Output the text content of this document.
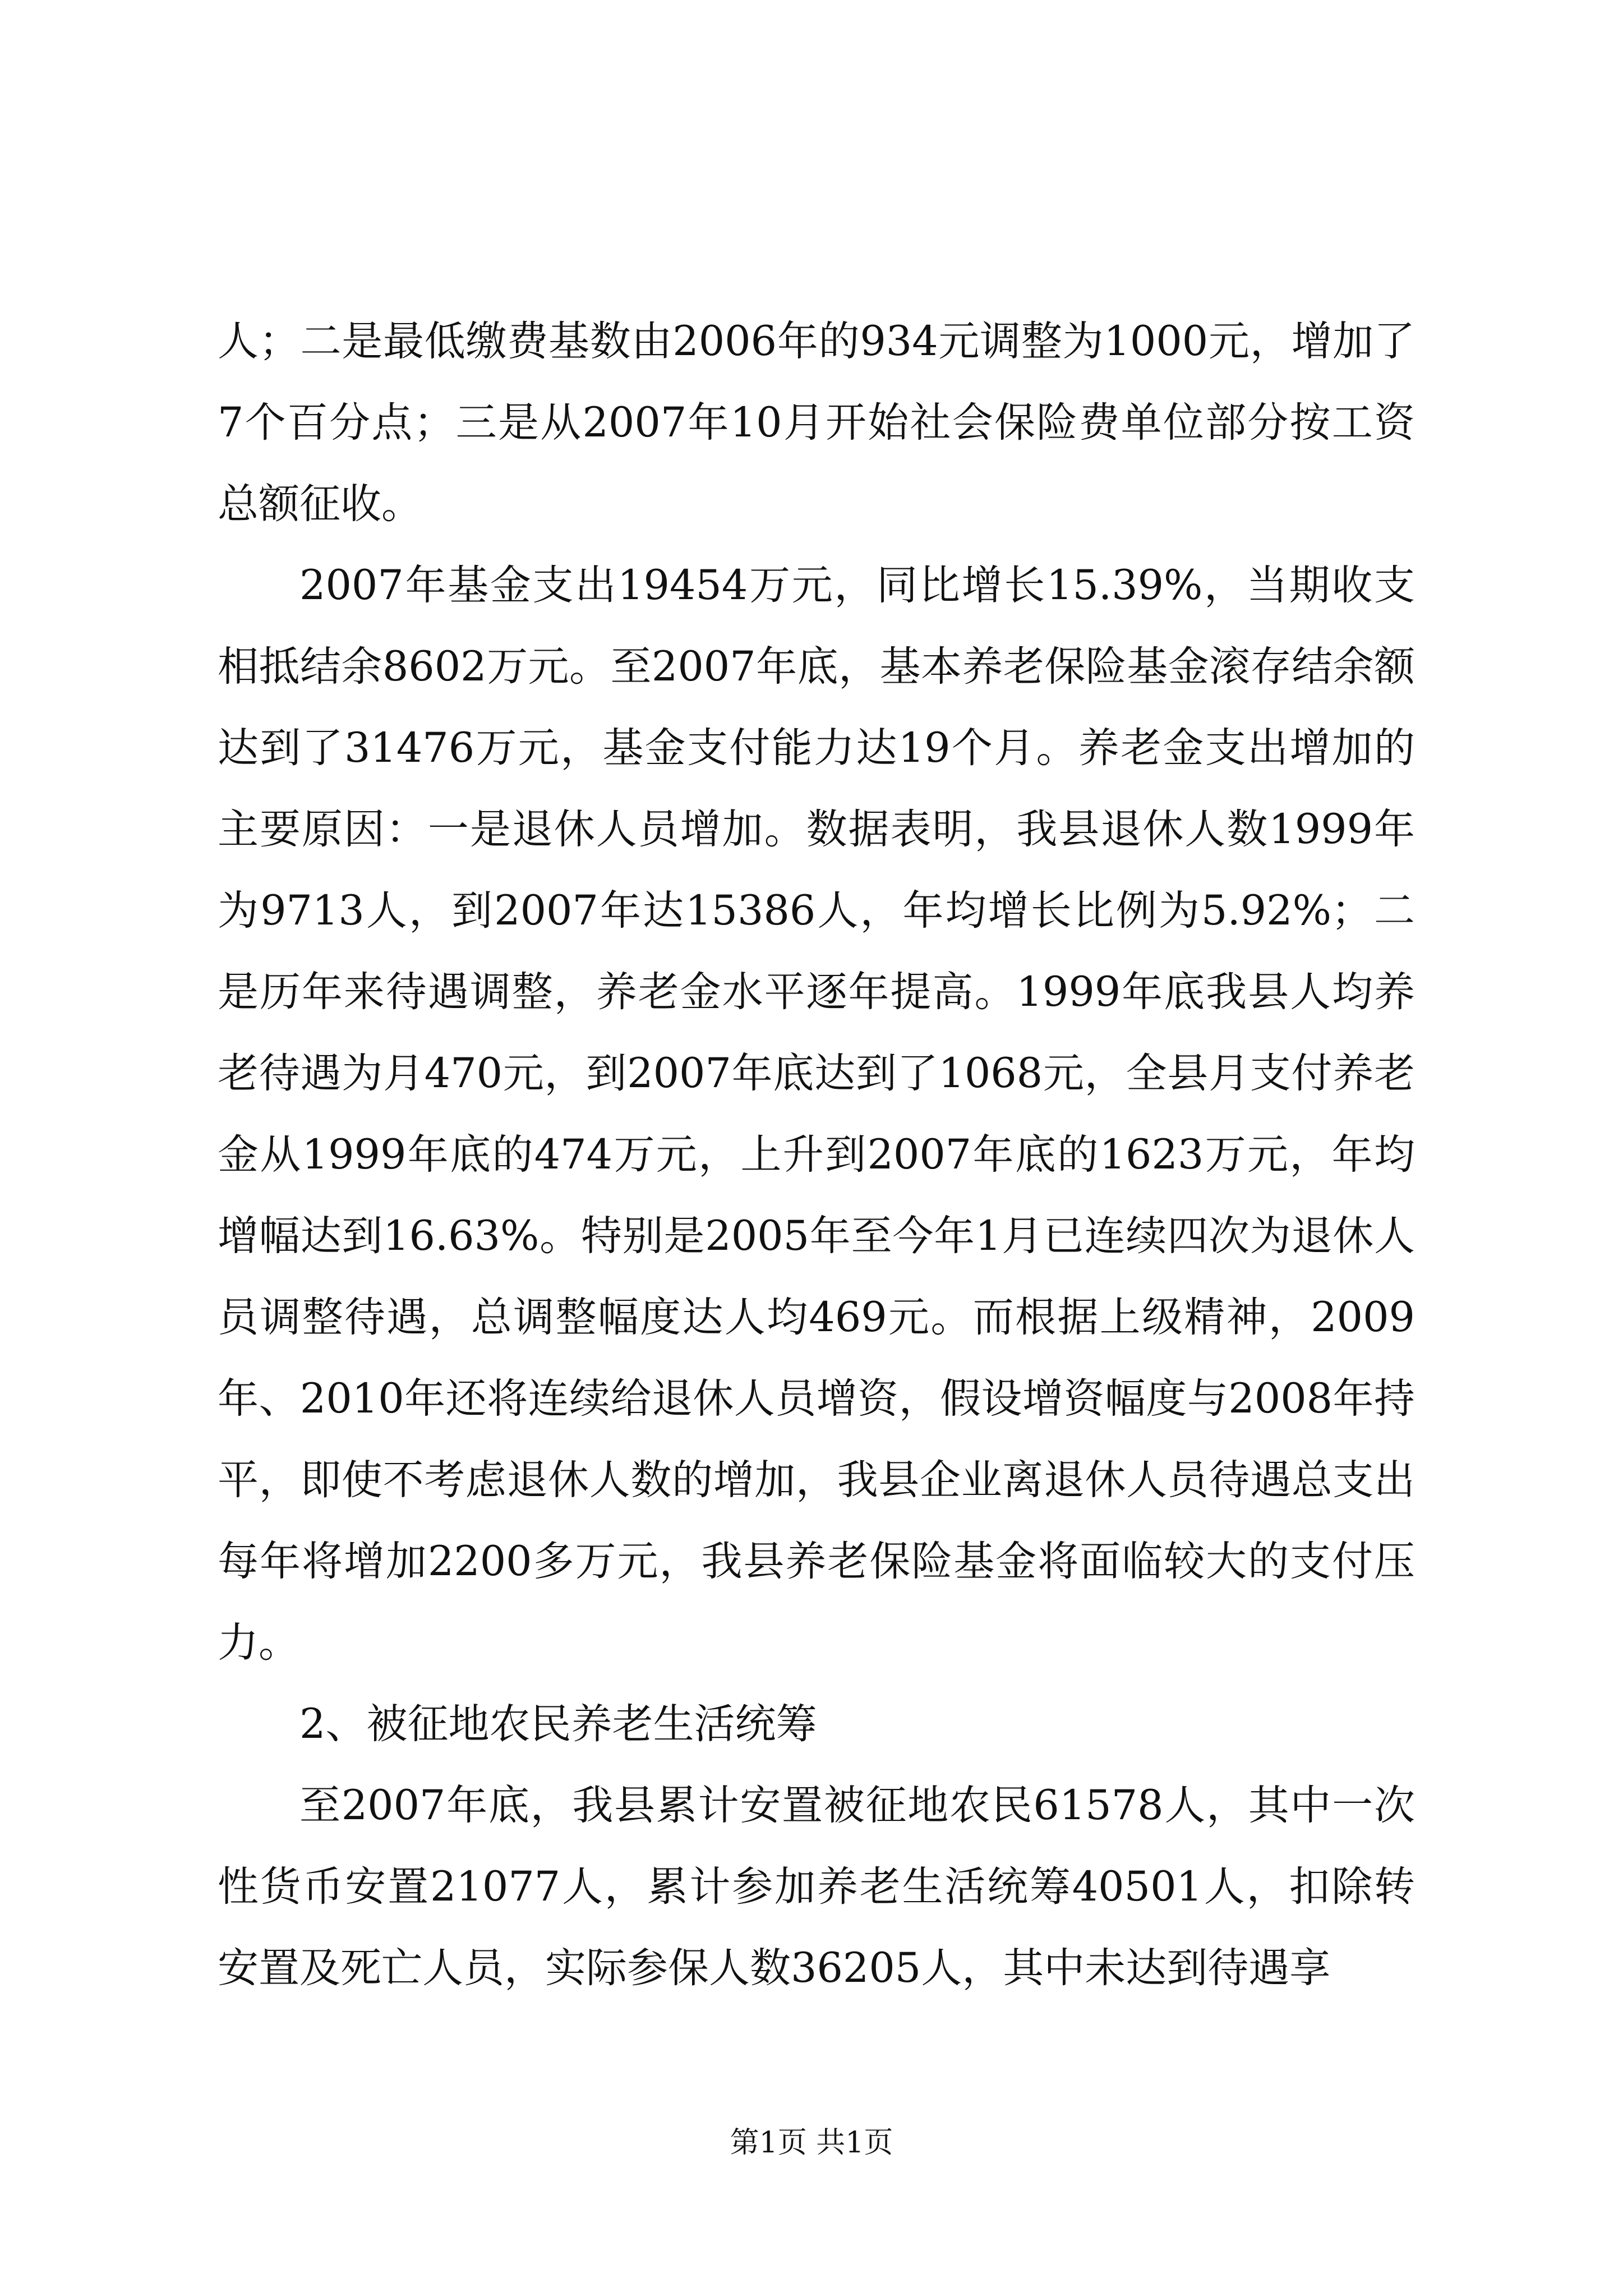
人；二是最低缴费基数由2006年的934元调整为1000元，增加了7个百分点；三是从2007年10月开始社会保险费单位部分按工资总额征收。

2007年基金支出19454万元，同比增长15.39%，当期收支相抵结余8602万元。至2007年底，基本养老保险基金滚存结余额达到了31476万元，基金支付能力达19个月。养老金支出增加的主要原因：一是退休人员增加。数据表明，我县退休人数1999年为9713人，到2007年达15386人，年均增长比例为5.92%；二是历年来待遇调整，养老金水平逐年提高。1999年底我县人均养老待遇为月470元，到2007年底达到了1068元，全县月支付养老金从1999年底的474万元，上升到2007年底的1623万元，年均增幅达到16.63%。特别是2005年至今年1月已连续四次为退休人员调整待遇，总调整幅度达人均469元。而根据上级精神，2009年、2010年还将连续给退休人员增资，假设增资幅度与2008年持平，即使不考虑退休人数的增加，我县企业离退休人员待遇总支出每年将增加2200多万元，我县养老保险基金将面临较大的支付压力。

2、被征地农民养老生活统筹

至2007年底，我县累计安置被征地农民61578人，其中一次性货币安置21077人，累计参加养老生活统筹40501人，扣除转安置及死亡人员，实际参保人数36205人，其中未达到待遇享

第1页 共1页
